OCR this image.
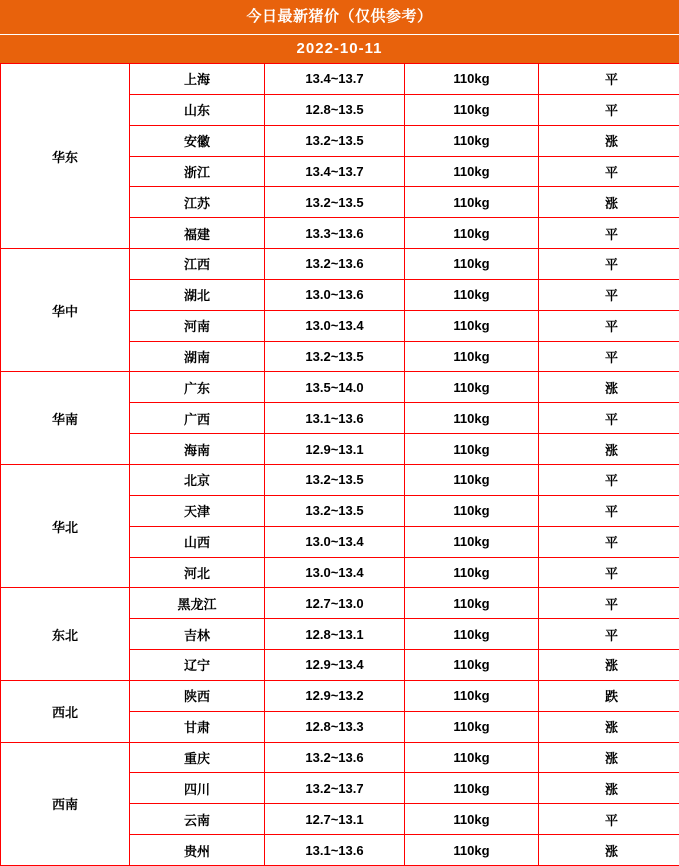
今日最新猪价（仅供参考）
2022-10-11
华东	上海	13.4~13.7	110kg	平
	山东	12.8~13.5	110kg	平
	安徽	13.2~13.5	110kg	涨
	浙江	13.4~13.7	110kg	平
	江苏	13.2~13.5	110kg	涨
	福建	13.3~13.6	110kg	平
华中	江西	13.2~13.6	110kg	平
	湖北	13.0~13.6	110kg	平
	河南	13.0~13.4	110kg	平
	湖南	13.2~13.5	110kg	平
华南	广东	13.5~14.0	110kg	涨
	广西	13.1~13.6	110kg	平
	海南	12.9~13.1	110kg	涨
华北	北京	13.2~13.5	110kg	平
	天津	13.2~13.5	110kg	平
	山西	13.0~13.4	110kg	平
	河北	13.0~13.4	110kg	平
东北	黑龙江	12.7~13.0	110kg	平
	吉林	12.8~13.1	110kg	平
	辽宁	12.9~13.4	110kg	涨
西北	陕西	12.9~13.2	110kg	跌
	甘肃	12.8~13.3	110kg	涨
西南	重庆	13.2~13.6	110kg	涨
	四川	13.2~13.7	110kg	涨
	云南	12.7~13.1	110kg	平
	贵州	13.1~13.6	110kg	涨
